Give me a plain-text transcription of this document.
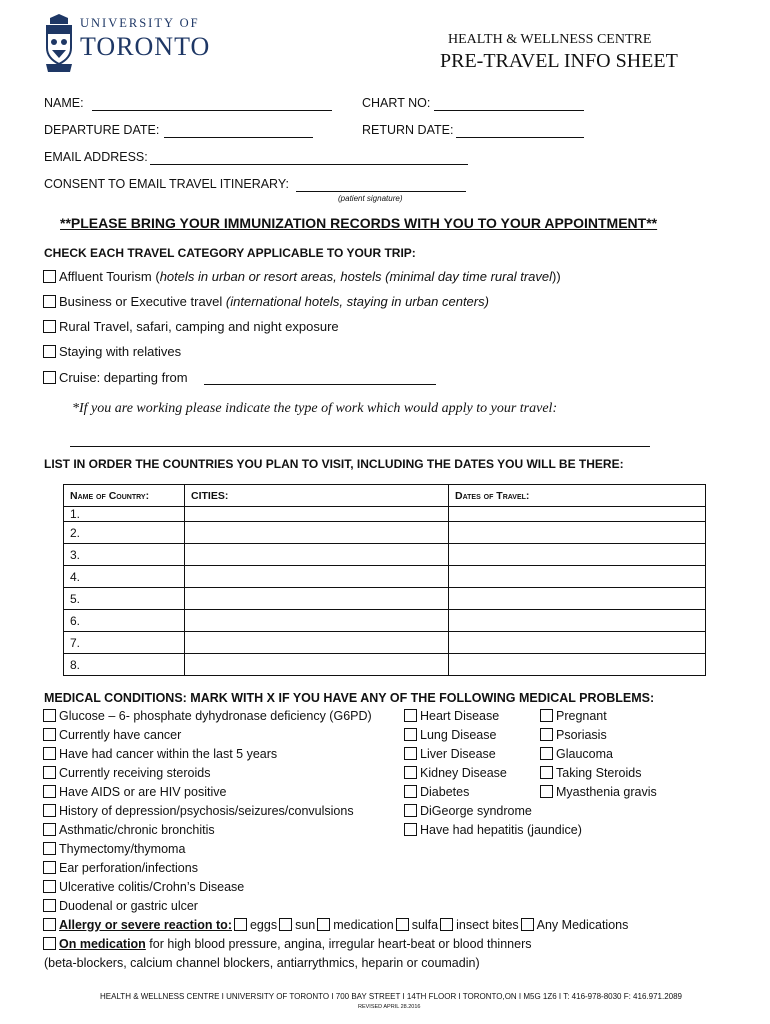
UNIVERSITY OF
TORONTO	HEALTH & WELLNESS CENTRE
PRE-TRAVEL INFO SHEET
NAME:	CHART NO:
DEPARTURE DATE:	RETURN DATE:
EMAIL ADDRESS:
CONSENT TO EMAIL TRAVEL ITINERARY:
(patient signature)
**PLEASE BRING YOUR IMMUNIZATION RECORDS WITH YOU TO YOUR APPOINTMENT**
CHECK EACH TRAVEL CATEGORY APPLICABLE TO YOUR TRIP:
Affluent Tourism (hotels in urban or resort areas, hostels (minimal day time rural travel))
Business or Executive travel (international hotels, staying in urban centers)
Rural Travel, safari, camping and night exposure
Staying with relatives
Cruise: departing from
*If you are working please indicate the type of work which would apply to your travel:
LIST IN ORDER THE COUNTRIES YOU PLAN TO VISIT, INCLUDING THE DATES YOU WILL BE THERE:
Name of Country:	CITIES:	Dates of Travel:
1.		
2.		
3.		
4.		
5.		
6.		
7.		
8.		
MEDICAL CONDITIONS: MARK WITH X IF YOU HAVE ANY OF THE FOLLOWING MEDICAL PROBLEMS:
Glucose – 6- phosphate dyhydronase deficiency (G6PD)
Currently have cancer
Have had cancer within the last 5 years
Currently receiving steroids
Have AIDS or are HIV positive
History of depression/psychosis/seizures/convulsions
Asthmatic/chronic bronchitis
Thymectomy/thymoma
Ear perforation/infections
Ulcerative colitis/Crohn’s Disease
Duodenal or gastric ulcer
Heart Disease
Lung Disease
Liver Disease
Kidney Disease
Diabetes
DiGeorge syndrome
Have had hepatitis (jaundice)
Pregnant
Psoriasis
Glaucoma
Taking Steroids
Myasthenia gravis
Allergy or severe reaction to: eggs sun medication sulfa insect bites Any Medications
On medication for high blood pressure, angina, irregular heart-beat or blood thinners
(beta-blockers, calcium channel blockers, antiarrythmics, heparin or coumadin)
HEALTH & WELLNESS CENTRE I UNIVERSITY OF TORONTO I 700 BAY STREET I 14TH FLOOR I TORONTO,ON I M5G 1Z6 I T: 416-978-8030 F: 416.971.2089
REVISED APRIL 28.2016
